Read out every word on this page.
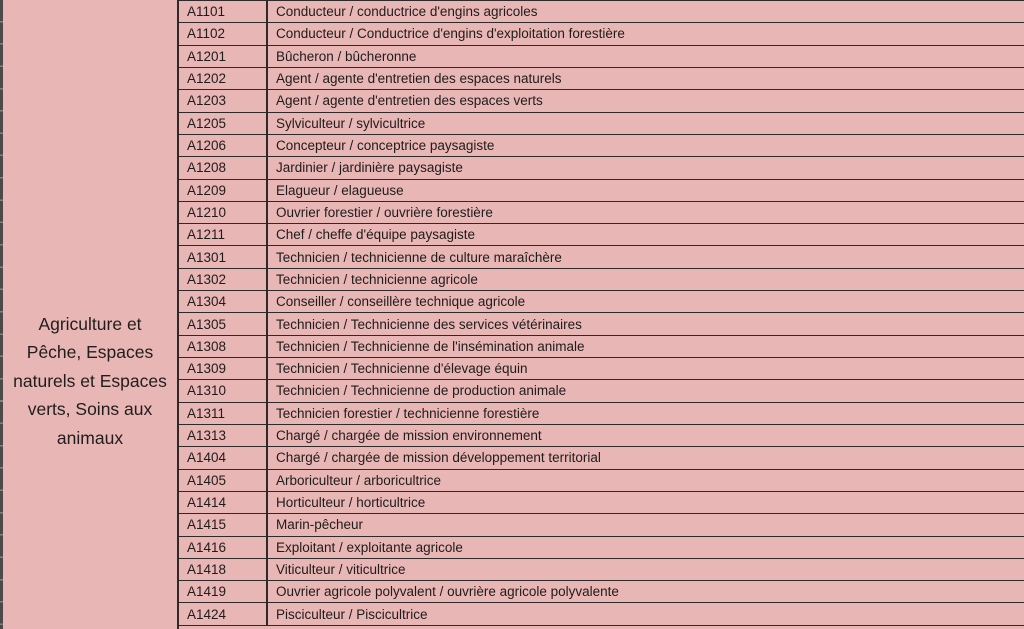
Agriculture et Pêche, Espaces naturels et Espaces verts, Soins aux animaux
A1101	Conducteur / conductrice d'engins agricoles
A1102	Conducteur / Conductrice d'engins d'exploitation forestière
A1201	Bûcheron / bûcheronne
A1202	Agent / agente d'entretien des espaces naturels
A1203	Agent / agente d'entretien des espaces verts
A1205	Sylviculteur / sylvicultrice
A1206	Concepteur / conceptrice paysagiste
A1208	Jardinier / jardinière paysagiste
A1209	Elagueur / elagueuse
A1210	Ouvrier forestier / ouvrière forestière
A1211	Chef / cheffe d'équipe paysagiste
A1301	Technicien / technicienne de culture maraîchère
A1302	Technicien / technicienne agricole
A1304	Conseiller / conseillère technique agricole
A1305	Technicien / Technicienne des services vétérinaires
A1308	Technicien / Technicienne de l'insémination animale
A1309	Technicien / Technicienne d'élevage équin
A1310	Technicien / Technicienne de production animale
A1311	Technicien forestier / technicienne forestière
A1313	Chargé / chargée de mission environnement
A1404	Chargé / chargée de mission développement territorial
A1405	Arboriculteur / arboricultrice
A1414	Horticulteur / horticultrice
A1415	Marin-pêcheur
A1416	Exploitant / exploitante agricole
A1418	Viticulteur / viticultrice
A1419	Ouvrier agricole polyvalent / ouvrière agricole polyvalente
A1424	Pisciculteur / Piscicultrice
